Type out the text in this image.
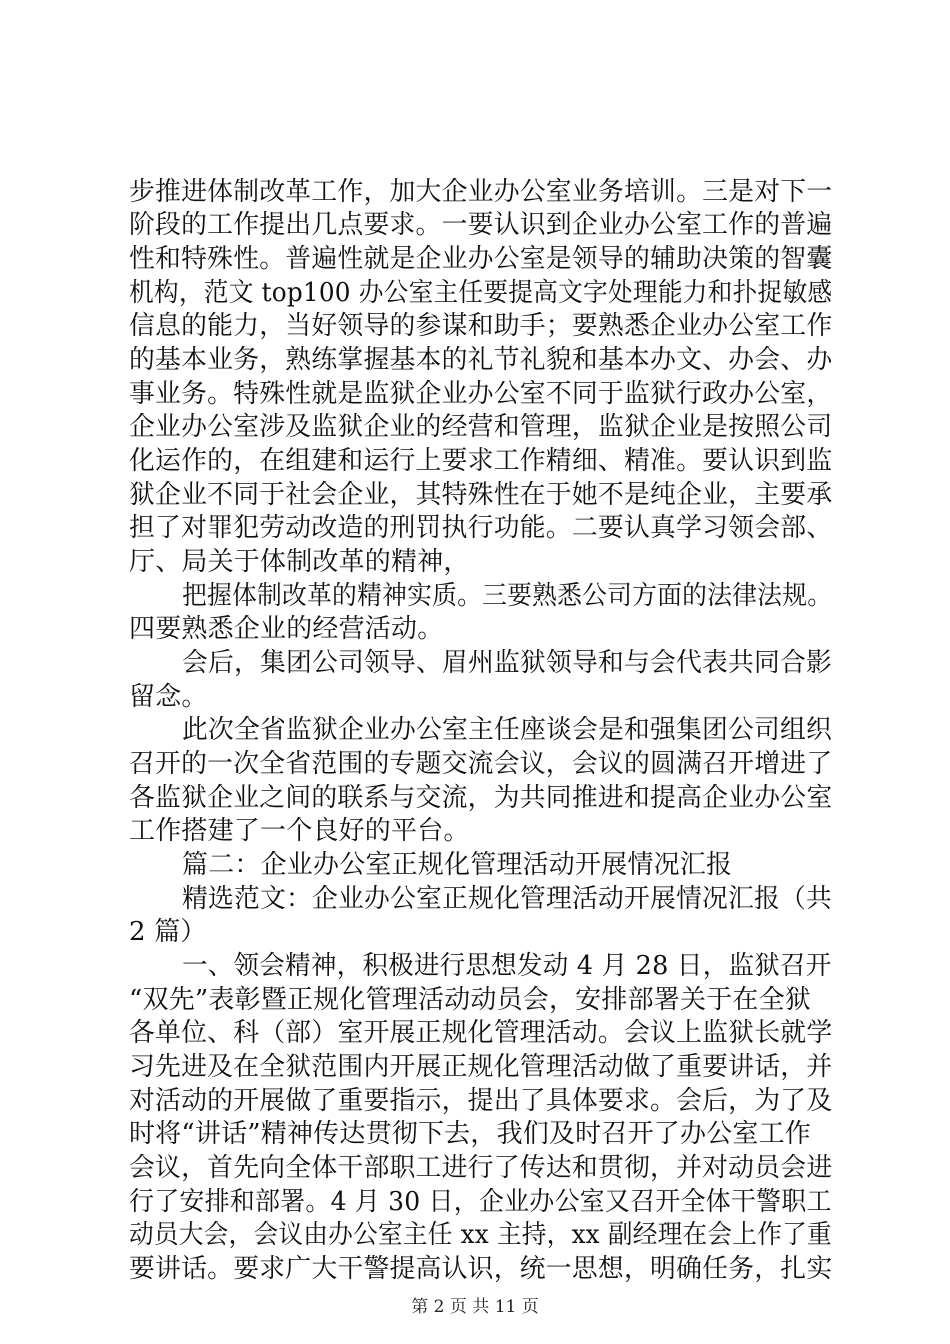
步推进体制改革工作，加大企业办公室业务培训。三是对下一
阶段的工作提出几点要求。一要认识到企业办公室工作的普遍
性和特殊性。普遍性就是企业办公室是领导的辅助决策的智囊
机构，范文 top100 办公室主任要提高文字处理能力和扑捉敏感
信息的能力，当好领导的参谋和助手；要熟悉企业办公室工作
的基本业务，熟练掌握基本的礼节礼貌和基本办文、办会、办
事业务。特殊性就是监狱企业办公室不同于监狱行政办公室，
企业办公室涉及监狱企业的经营和管理，监狱企业是按照公司
化运作的，在组建和运行上要求工作精细、精准。要认识到监
狱企业不同于社会企业，其特殊性在于她不是纯企业，主要承
担了对罪犯劳动改造的刑罚执行功能。二要认真学习领会部、
厅、局关于体制改革的精神，
把握体制改革的精神实质。三要熟悉公司方面的法律法规。
四要熟悉企业的经营活动。
会后，集团公司领导、眉州监狱领导和与会代表共同合影
留念。
此次全省监狱企业办公室主任座谈会是和强集团公司组织
召开的一次全省范围的专题交流会议，会议的圆满召开增进了
各监狱企业之间的联系与交流，为共同推进和提高企业办公室
工作搭建了一个良好的平台。
篇二：企业办公室正规化管理活动开展情况汇报
精选范文：企业办公室正规化管理活动开展情况汇报（共
2 篇）
一、领会精神，积极进行思想发动 4 月 28 日，监狱召开
“双先”表彰暨正规化管理活动动员会，安排部署关于在全狱
各单位、科（部）室开展正规化管理活动。会议上监狱长就学
习先进及在全狱范围内开展正规化管理活动做了重要讲话，并
对活动的开展做了重要指示，提出了具体要求。会后，为了及
时将“讲话”精神传达贯彻下去，我们及时召开了办公室工作
会议，首先向全体干部职工进行了传达和贯彻，并对动员会进
行了安排和部署。4 月 30 日，企业办公室又召开全体干警职工
动员大会，会议由办公室主任 xx 主持，xx 副经理在会上作了重
要讲话。要求广大干警提高认识，统一思想，明确任务，扎实
第 2 页 共 11 页
